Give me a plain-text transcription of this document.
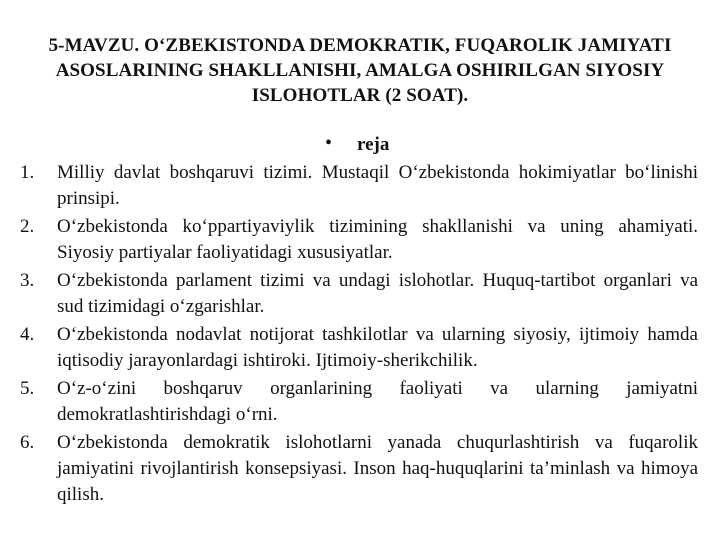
5-MAVZU. O‘ZBEKISTONDA DEMOKRATIK, FUQAROLIK JAMIYATI
ASOSLARINING SHAKLLANISHI, AMALGA OSHIRILGAN SIYOSIY
ISLOHOTLAR (2 SOAT).
• reja
1.	Milliy davlat boshqaruvi tizimi. Mustaqil O‘zbekistonda hokimiyatlar bo‘linishi prinsipi.
2.	O‘zbekistonda ko‘ppartiyaviylik tizimining shakllanishi va uning ahamiyati. Siyosiy partiyalar faoliyatidagi xususiyatlar.
3.	O‘zbekistonda parlament tizimi va undagi islohotlar. Huquq-tartibot organlari va sud tizimidagi o‘zgarishlar.
4.	O‘zbekistonda nodavlat notijorat tashkilotlar va ularning siyosiy, ijtimoiy hamda iqtisodiy jarayonlardagi ishtiroki. Ijtimoiy-sherikchilik.
5.	O‘z-o‘zini boshqaruv organlarining faoliyati va ularning jamiyatni demokratlashtirishdagi o‘rni.
6.	O‘zbekistonda demokratik islohotlarni yanada chuqurlashtirish va fuqarolik jamiyatini rivojlantirish konsepsiyasi. Inson haq-huquqlarini ta’minlash va himoya qilish.
